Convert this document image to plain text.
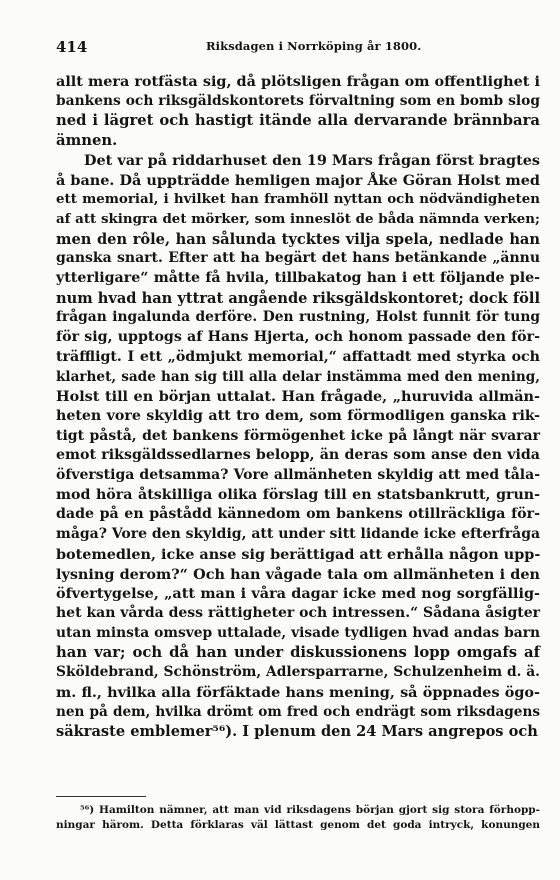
414	Riksdagen i Norrköping år 1800.
allt mera rotfästa sig, då plötsligen frågan om offentlighet i
bankens och riksgäldskontorets förvaltning som en bomb slog
ned i lägret och hastigt itände alla dervarande brännbara
ämnen.
Det var på riddarhuset den 19 Mars frågan först bragtes
å bane. Då uppträdde hemligen major Åke Göran Holst med
ett memorial, i hvilket han framhöll nyttan och nödvändigheten
af att skingra det mörker, som inneslöt de båda nämnda verken;
men den rôle, han sålunda tycktes vilja spela, nedlade han
ganska snart. Efter att ha begärt det hans betänkande „ännu
ytterligare“ måtte få hvila, tillbakatog han i ett följande ple-
num hvad han yttrat angående riksgäldskontoret; dock föll
frågan ingalunda derföre. Den rustning, Holst funnit för tung
för sig, upptogs af Hans Hjerta, och honom passade den för-
träffligt. I ett „ödmjukt memorial,“ affattadt med styrka och
klarhet, sade han sig till alla delar instämma med den mening,
Holst till en början uttalat. Han frågade, „huruvida allmän-
heten vore skyldig att tro dem, som förmodligen ganska rik-
tigt påstå, det bankens förmögenhet icke på långt när svarar
emot riksgäldssedlarnes belopp, än deras som anse den vida
öfverstiga detsamma? Vore allmänheten skyldig att med tåla-
mod höra åtskilliga olika förslag till en statsbankrutt, grun-
dade på en påstådd kännedom om bankens otillräckliga för-
måga? Vore den skyldig, att under sitt lidande icke efterfråga
botemedlen, icke anse sig berättigad att erhålla någon upp-
lysning derom?“ Och han vågade tala om allmänheten i den
öfvertygelse, „att man i våra dagar icke med nog sorgfällig-
het kan vårda dess rättigheter och intressen.“ Sådana åsigter
utan minsta omsvep uttalade, visade tydligen hvad andas barn
han var; och då han under diskussionens lopp omgafs af
Sköldebrand, Schönström, Adlersparrarne, Schulzenheim d. ä.
m. fl., hvilka alla förfäktade hans mening, så öppnades ögo-
nen på dem, hvilka drömt om fred och endrägt som riksdagens
säkraste emblemer⁵⁶). I plenum den 24 Mars angrepos och
⁵⁶) Hamilton nämner, att man vid riksdagens början gjort sig stora förhopp-
ningar härom. Detta förklaras väl lättast genom det goda intryck, konungen
